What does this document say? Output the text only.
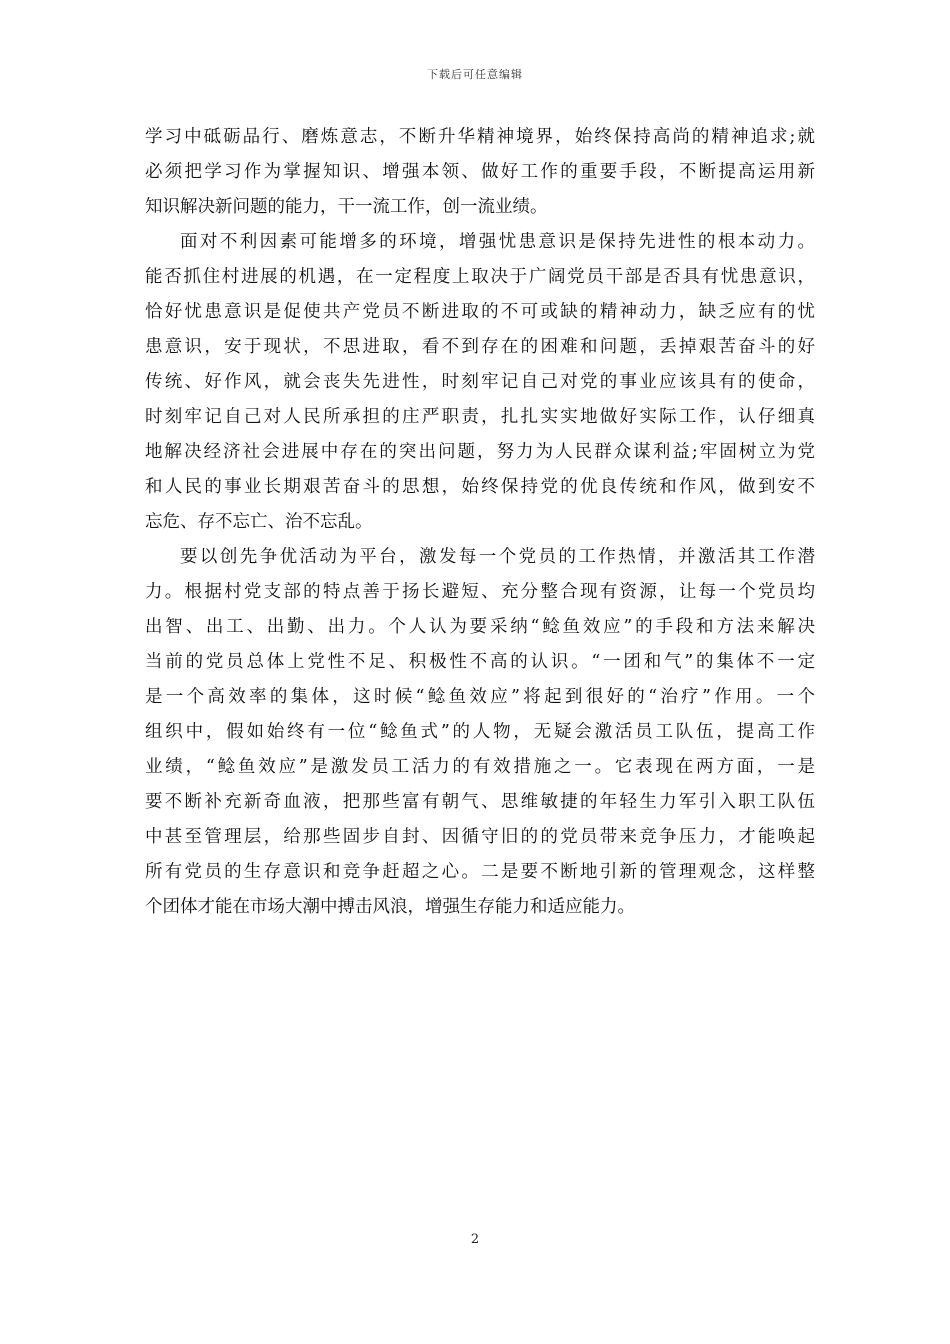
下载后可任意编辑
学习中砥砺品行、磨炼意志，不断升华精神境界，始终保持高尚的精神追求;就
必须把学习作为掌握知识、增强本领、做好工作的重要手段，不断提高运用新
知识解决新问题的能力，干一流工作，创一流业绩。
面对不利因素可能增多的环境，增强忧患意识是保持先进性的根本动力。
能否抓住村进展的机遇，在一定程度上取决于广阔党员干部是否具有忧患意识，
恰好忧患意识是促使共产党员不断进取的不可或缺的精神动力，缺乏应有的忧
患意识，安于现状，不思进取，看不到存在的困难和问题，丢掉艰苦奋斗的好
传统、好作风，就会丧失先进性，时刻牢记自己对党的事业应该具有的使命，
时刻牢记自己对人民所承担的庄严职责，扎扎实实地做好实际工作，认仔细真
地解决经济社会进展中存在的突出问题，努力为人民群众谋利益;牢固树立为党
和人民的事业长期艰苦奋斗的思想，始终保持党的优良传统和作风，做到安不
忘危、存不忘亡、治不忘乱。
要以创先争优活动为平台，激发每一个党员的工作热情，并激活其工作潜
力。根据村党支部的特点善于扬长避短、充分整合现有资源，让每一个党员均
出智、出工、出勤、出力。个人认为要采纳“鲶鱼效应”的手段和方法来解决
当前的党员总体上党性不足、积极性不高的认识。“一团和气”的集体不一定
是一个高效率的集体，这时候“鲶鱼效应”将起到很好的“治疗”作用。一个
组织中，假如始终有一位“鲶鱼式”的人物，无疑会激活员工队伍，提高工作
业绩，“鲶鱼效应”是激发员工活力的有效措施之一。它表现在两方面，一是
要不断补充新奇血液，把那些富有朝气、思维敏捷的年轻生力军引入职工队伍
中甚至管理层，给那些固步自封、因循守旧的的党员带来竞争压力，才能唤起
所有党员的生存意识和竞争赶超之心。二是要不断地引新的管理观念，这样整
个团体才能在市场大潮中搏击风浪，增强生存能力和适应能力。
2
